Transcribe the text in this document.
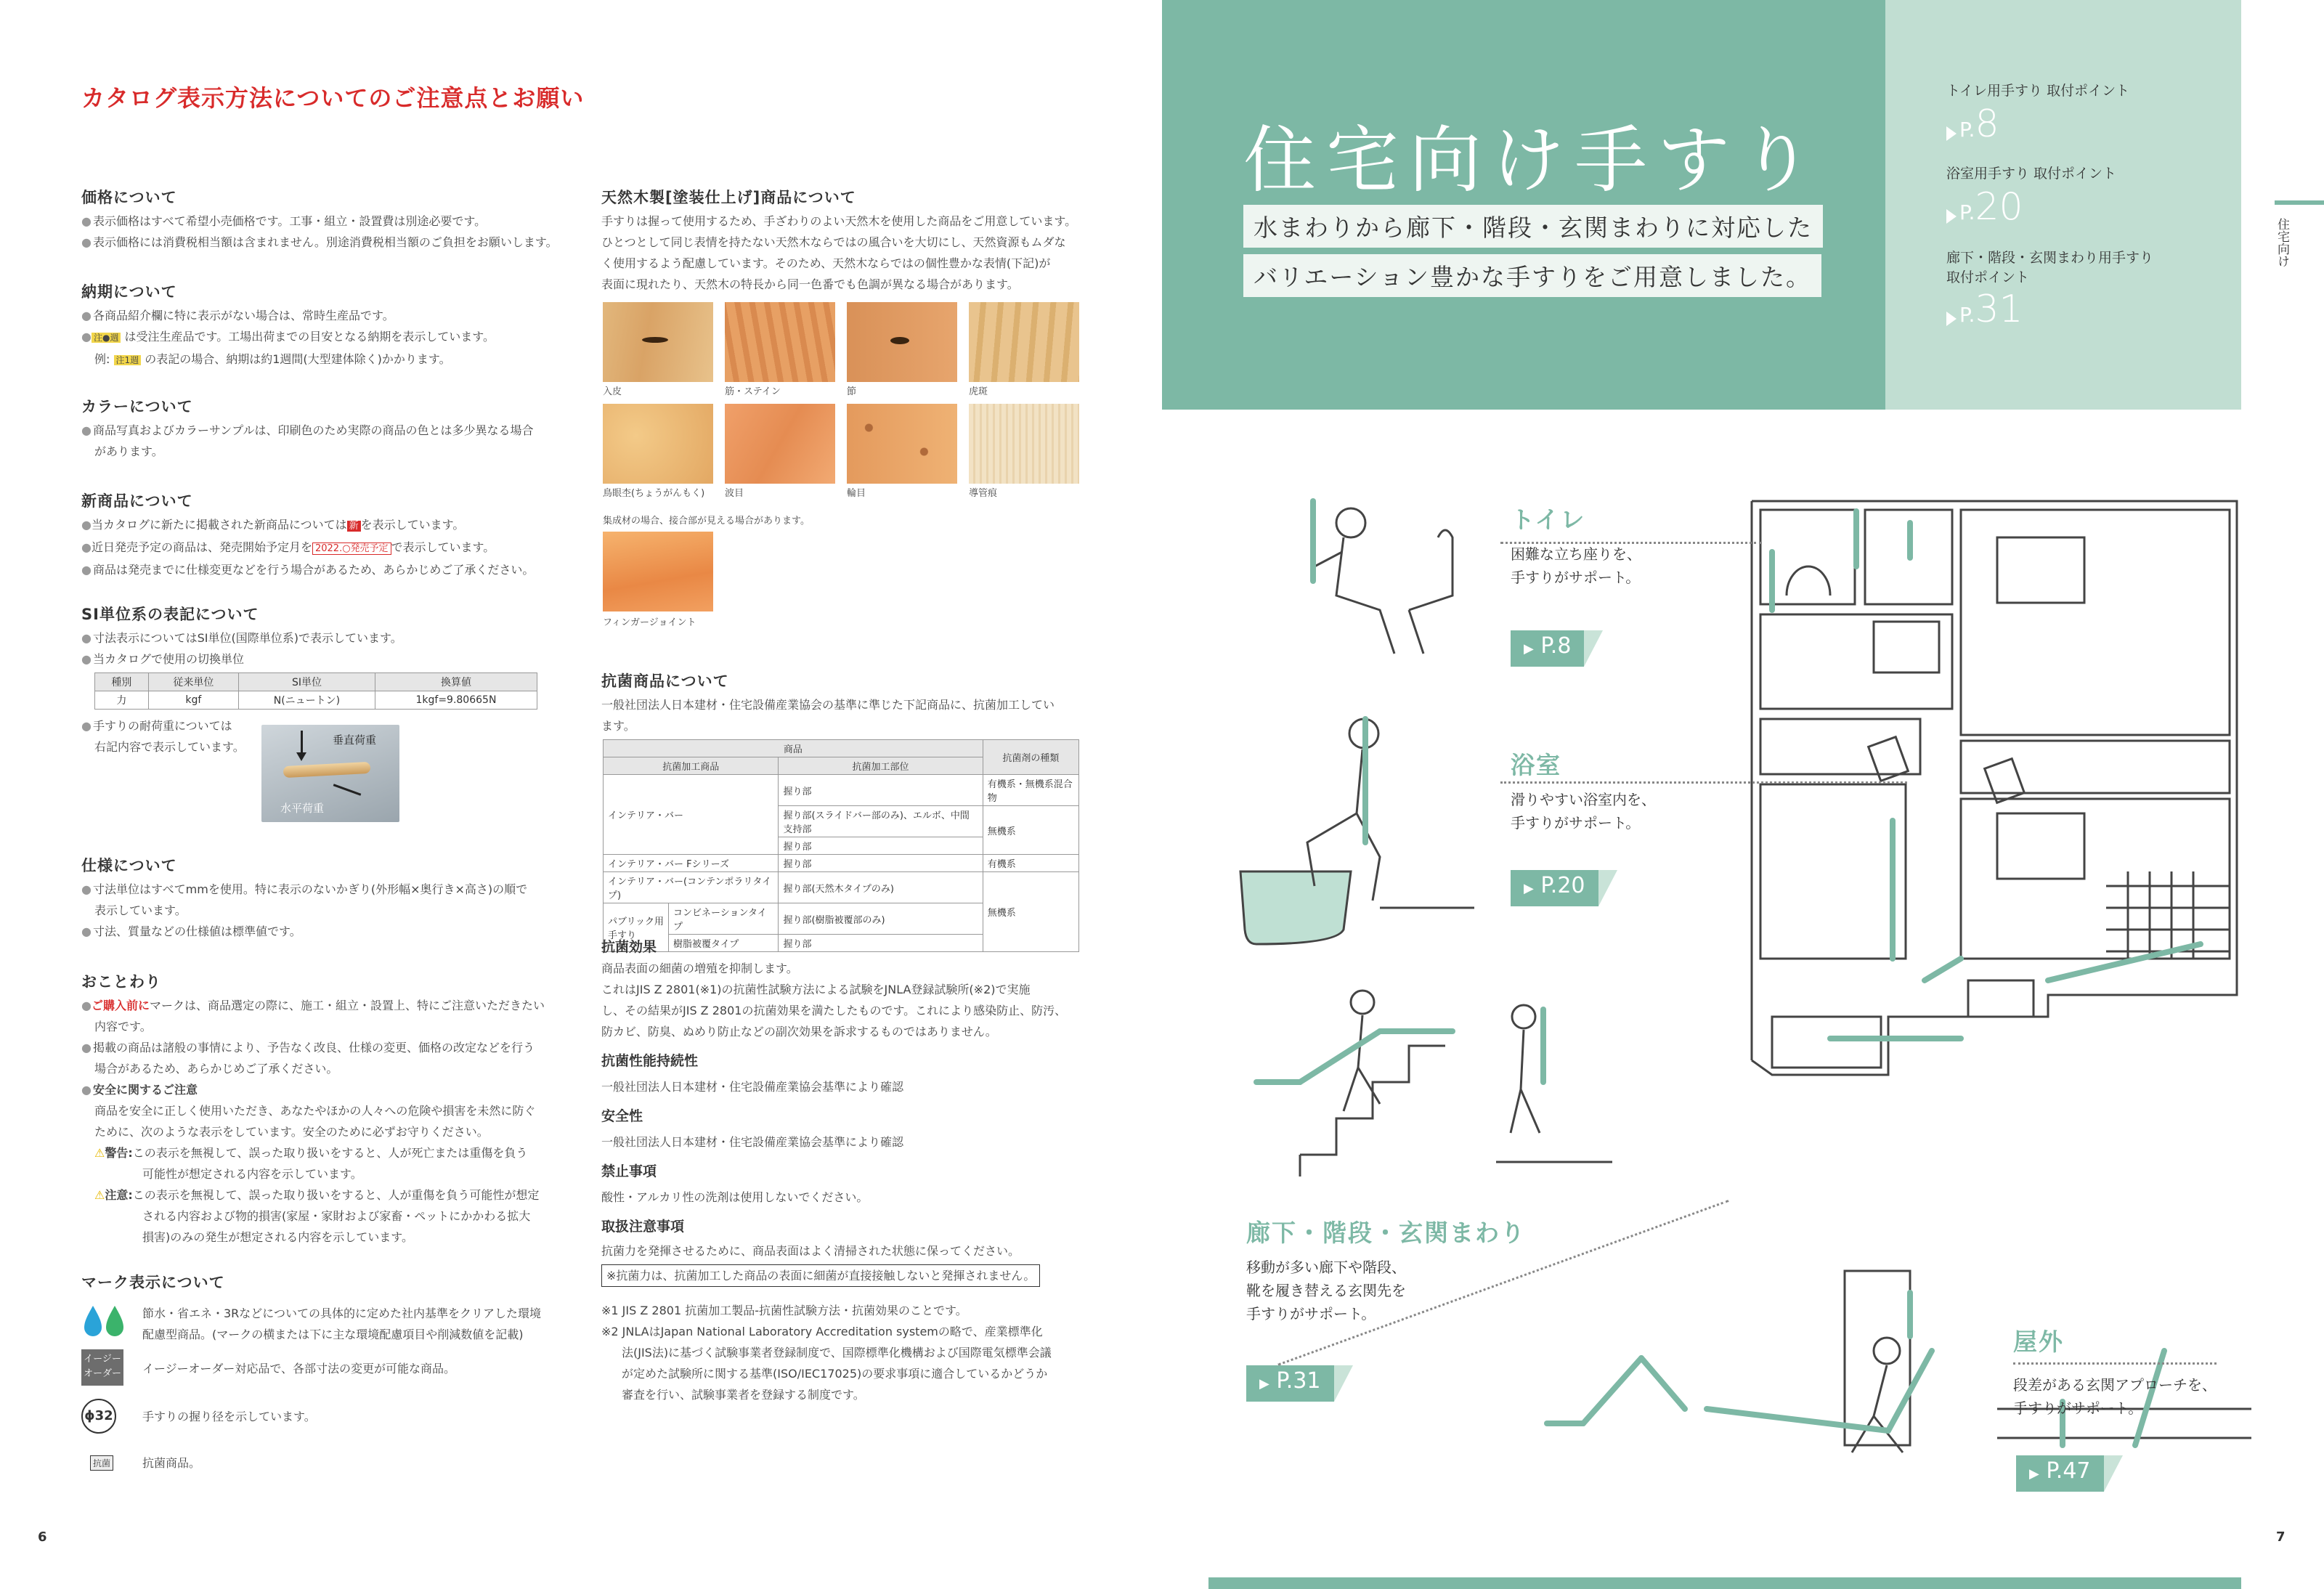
カタログ表示方法についてのご注意点とお願い
価格について

● 表示価格はすべて希望小売価格です。工事・組立・設置費は別途必要です。

● 表示価格には消費税相当額は含まれません。別途消費税相当額のご負担をお願いします。

納期について

● 各商品紹介欄に特に表示がない場合は、常時生産品です。

● 注●週 は受注生産品です。工場出荷までの目安となる納期を表示しています。

例: 注1週 の表記の場合、納期は約1週間(大型建体除く)かかります。

カラーについて

● 商品写真およびカラーサンプルは、印刷色のため実際の商品の色とは多少異なる場合

があります。

新商品について

●当カタログに新たに掲載された新商品については 新 を表示しています。

●近日発売予定の商品は、発売開始予定月を 2022.○発売予定 で表示しています。

● 商品は発売までに仕様変更などを行う場合があるため、あらかじめご了承ください。

SI単位系の表記について

● 寸法表示についてはSI単位(国際単位系)で表示しています。

● 当カタログで使用の切換単位

種別	従来単位	SI単位	換算値
力	kgf	N(ニュートン)	1kgf=9.80665N

● 手すりの耐荷重については

右記内容で表示しています。	垂直荷重
水平荷重
仕様について

● 寸法単位はすべてmmを使用。特に表示のないかぎり(外形幅×奥行き×高さ)の順で

表示しています。

● 寸法、質量などの仕様値は標準値です。

おことわり

●ご購入前にマークは、商品選定の際に、施工・組立・設置上、特にご注意いただきたい

内容です。

● 掲載の商品は諸般の事情により、予告なく改良、仕様の変更、価格の改定などを行う

場合があるため、あらかじめご了承ください。

● 安全に関するご注意

商品を安全に正しく使用いただき、あなたやほかの人々への危険や損害を未然に防ぐ

ために、次のような表示をしています。安全のために必ずお守りください。

⚠警告:この表示を無視して、誤った取り扱いをすると、人が死亡または重傷を負う

可能性が想定される内容を示しています。

⚠注意:この表示を無視して、誤った取り扱いをすると、人が重傷を負う可能性が想定

される内容および物的損害(家屋・家財および家畜・ペットにかかわる拡大

損害)のみの発生が想定される内容を示しています。

マーク表示について

節水・省エネ・3Rなどについての具体的に定めた社内基準をクリアした環境

配慮型商品。(マークの横または下に主な環境配慮項目や削減数値を記載)

イージー
オーダー イージーオーダー対応品で、各部寸法の変更が可能な商品。
ϕ32	手すりの握り径を示しています。
抗菌	抗菌商品。
6
天然木製[塗装仕上げ]商品について

手すりは握って使用するため、手ざわりのよい天然木を使用した商品をご用意しています。

ひとつとして同じ表情を持たない天然木ならではの風合いを大切にし、天然資源もムダな

く使用するよう配慮しています。そのため、天然木ならではの個性豊かな表情(下記)が

表面に現れたり、天然木の特長から同一色番でも色調が異なる場合があります。

入皮	筋・ステイン	節	虎斑
鳥眼杢(ちょうがんもく) 波目	輪目	導管痕
集成材の場合、接合部が見える場合があります。
フィンガージョイント
抗菌商品について

一般社団法人日本建材・住宅設備産業協会の基準に準じた下記商品に、抗菌加工してい

ます。

商品			抗菌剤の種類
抗菌加工商品		抗菌加工部位	
インテリア・バー		握り部	有機系・無機系混合物
		握り部(スライドバー部のみ)、エルボ、中間支持部	無機系
		握り部	
インテリア・バー Fシリーズ		握り部	有機系
インテリア・バー(コンテンポラリタイプ)		握り部(天然木タイプのみ)	無機系
パブリック用手すり	コンビネーションタイプ	握り部(樹脂被覆部のみ)	
	樹脂被覆タイプ	握り部	

抗菌効果

商品表面の細菌の増殖を抑制します。

これはJIS Z 2801(※1)の抗菌性試験方法による試験をJNLA登録試験所(※2)で実施

し、その結果がJIS Z 2801の抗菌効果を満たしたものです。これにより感染防止、防汚、

防カビ、防臭、ぬめり防止などの副次効果を訴求するものではありません。

抗菌性能持続性

一般社団法人日本建材・住宅設備産業協会基準により確認

安全性

一般社団法人日本建材・住宅設備産業協会基準により確認

禁止事項

酸性・アルカリ性の洗剤は使用しないでください。

取扱注意事項

抗菌力を発揮させるために、商品表面はよく清掃された状態に保ってください。

※抗菌力は、抗菌加工した商品の表面に細菌が直接接触しないと発揮されません。

※1 JIS Z 2801 抗菌加工製品-抗菌性試験方法・抗菌効果のことです。

※2 JNLAはJapan National Laboratory Accreditation systemの略で、産業標準化

法(JIS法)に基づく試験事業者登録制度で、国際標準化機構および国際電気標準会議

が定めた試験所に関する基準(ISO/IEC17025)の要求事項に適合しているかどうか

審査を行い、試験事業者を登録する制度です。

住宅向け手すり
水まわりから廊下・階段・玄関まわりに対応した
バリエーション豊かな手すりをご用意しました。
トイレ用手すり 取付ポイント
P.8
浴室用手すり 取付ポイント
P.20
廊下・階段・玄関まわり用手すり
取付ポイント
P.31
住宅向け
トイレ

困難な立ち座りを、

手すりがサポート。

▶ P.8
浴室

滑りやすい浴室内を、

手すりがサポート。

▶ P.20
廊下・階段・玄関まわり

移動が多い廊下や階段、

靴を履き替える玄関先を

手すりがサポート。

▶ P.31
屋外

段差がある玄関アプローチを、

手すりがサポート。

▶ P.47
7
